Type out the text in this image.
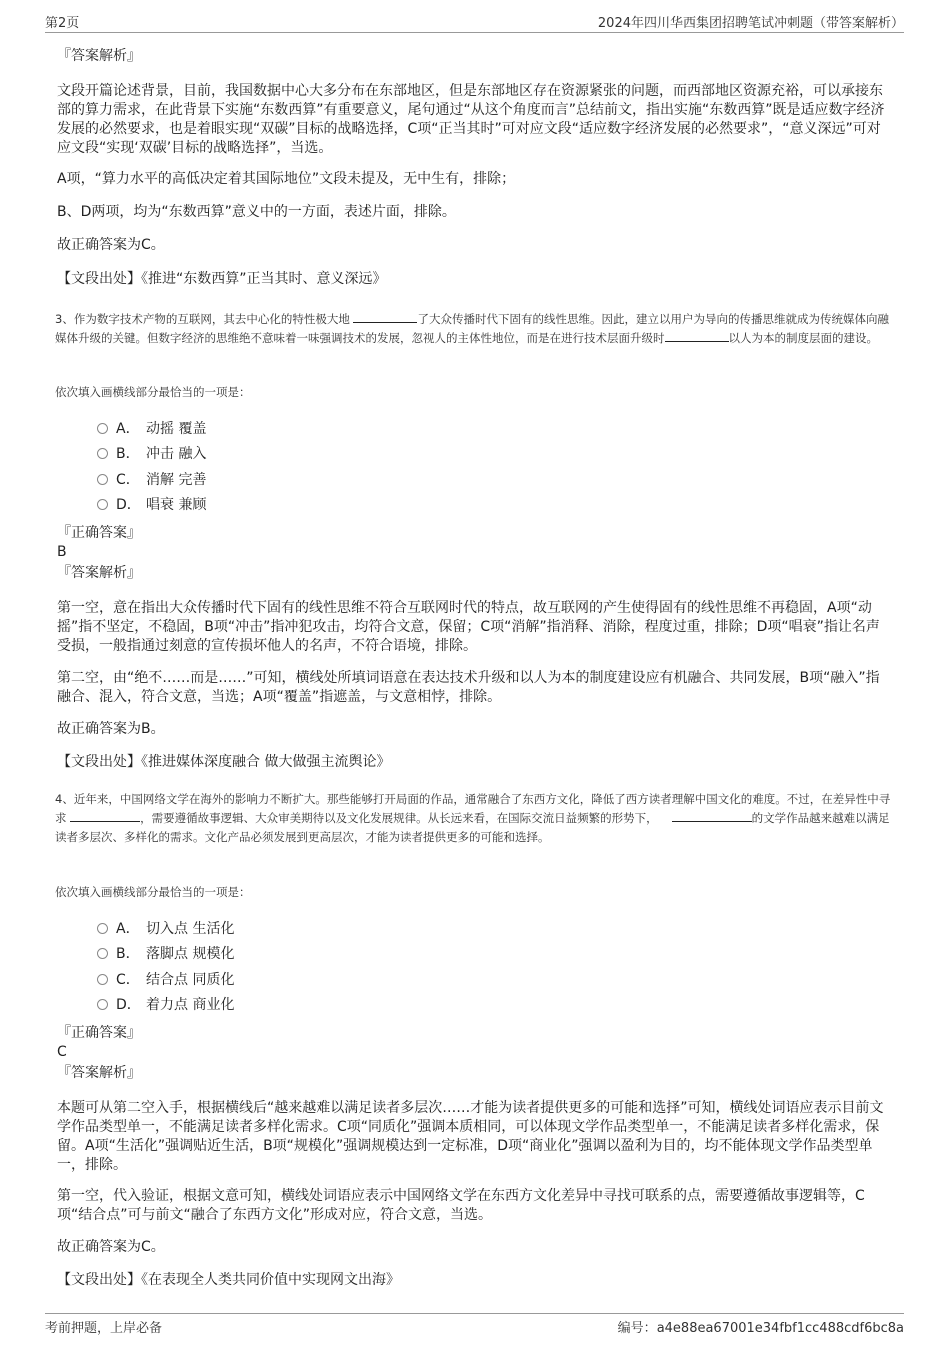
第2页	2024年四川华西集团招聘笔试冲刺题（带答案解析）
『答案解析』
文段开篇论述背景，目前，我国数据中心大多分布在东部地区，但是东部地区存在资源紧张的问题，而西部地区资源充裕，可以承接东部的算力需求，在此背景下实施“东数西算”有重要意义，尾句通过“从这个角度而言”总结前文，指出实施“东数西算”既是适应数字经济发展的必然要求，也是着眼实现“双碳”目标的战略选择，C项“正当其时”可对应文段“适应数字经济发展的必然要求”，“意义深远”可对应文段“实现‘双碳’目标的战略选择”，当选。
A项，“算力水平的高低决定着其国际地位”文段未提及，无中生有，排除；
B、D两项，均为“东数西算”意义中的一方面，表述片面，排除。
故正确答案为C。
【文段出处】《推进“东数西算”正当其时、意义深远》
3、作为数字技术产物的互联网，其去中心化的特性极大地	了大众传播时代下固有的线性思维。因此，建立以用户为导向的传播思维就成为传统媒体向融媒体升级的关键。但数字经济的思维绝不意味着一味强调技术的发展，忽视人的主体性地位，而是在进行技术层面升级时	以人为本的制度层面的建设。
依次填入画横线部分最恰当的一项是：
A． 动摇 覆盖
B． 冲击 融入
C． 消解 完善
D． 唱衰 兼顾
『正确答案』
B
『答案解析』
第一空，意在指出大众传播时代下固有的线性思维不符合互联网时代的特点，故互联网的产生使得固有的线性思维不再稳固，A项“动摇”指不坚定，不稳固，B项“冲击”指冲犯攻击，均符合文意，保留；C项“消解”指消释、消除，程度过重，排除；D项“唱衰”指让名声受损，一般指通过刻意的宣传损坏他人的名声，不符合语境，排除。
第二空，由“绝不……而是……”可知，横线处所填词语意在表达技术升级和以人为本的制度建设应有机融合、共同发展，B项“融入”指融合、混入，符合文意，当选；A项“覆盖”指遮盖，与文意相悖，排除。
故正确答案为B。
【文段出处】《推进媒体深度融合 做大做强主流舆论》
4、近年来，中国网络文学在海外的影响力不断扩大。那些能够打开局面的作品，通常融合了东西方文化，降低了西方读者理解中国文化的难度。不过，在差异性中寻求	，需要遵循故事逻辑、大众审美期待以及文化发展规律。从长远来看，在国际交流日益频繁的形势下，	的文学作品越来越难以满足读者多层次、多样化的需求。文化产品必须发展到更高层次，才能为读者提供更多的可能和选择。
依次填入画横线部分最恰当的一项是：
A． 切入点 生活化
B． 落脚点 规模化
C． 结合点 同质化
D． 着力点 商业化
『正确答案』
C
『答案解析』
本题可从第二空入手，根据横线后“越来越难以满足读者多层次……才能为读者提供更多的可能和选择”可知，横线处词语应表示目前文学作品类型单一，不能满足读者多样化需求。C项“同质化”强调本质相同，可以体现文学作品类型单一，不能满足读者多样化需求，保留。A项“生活化”强调贴近生活，B项“规模化”强调规模达到一定标准，D项“商业化”强调以盈利为目的，均不能体现文学作品类型单一，排除。
第一空，代入验证，根据文意可知，横线处词语应表示中国网络文学在东西方文化差异中寻找可联系的点，需要遵循故事逻辑等，C项“结合点”可与前文“融合了东西方文化”形成对应，符合文意，当选。
故正确答案为C。
【文段出处】《在表现全人类共同价值中实现网文出海》
考前押题，上岸必备	编号：a4e88ea67001e34fbf1cc488cdf6bc8a
